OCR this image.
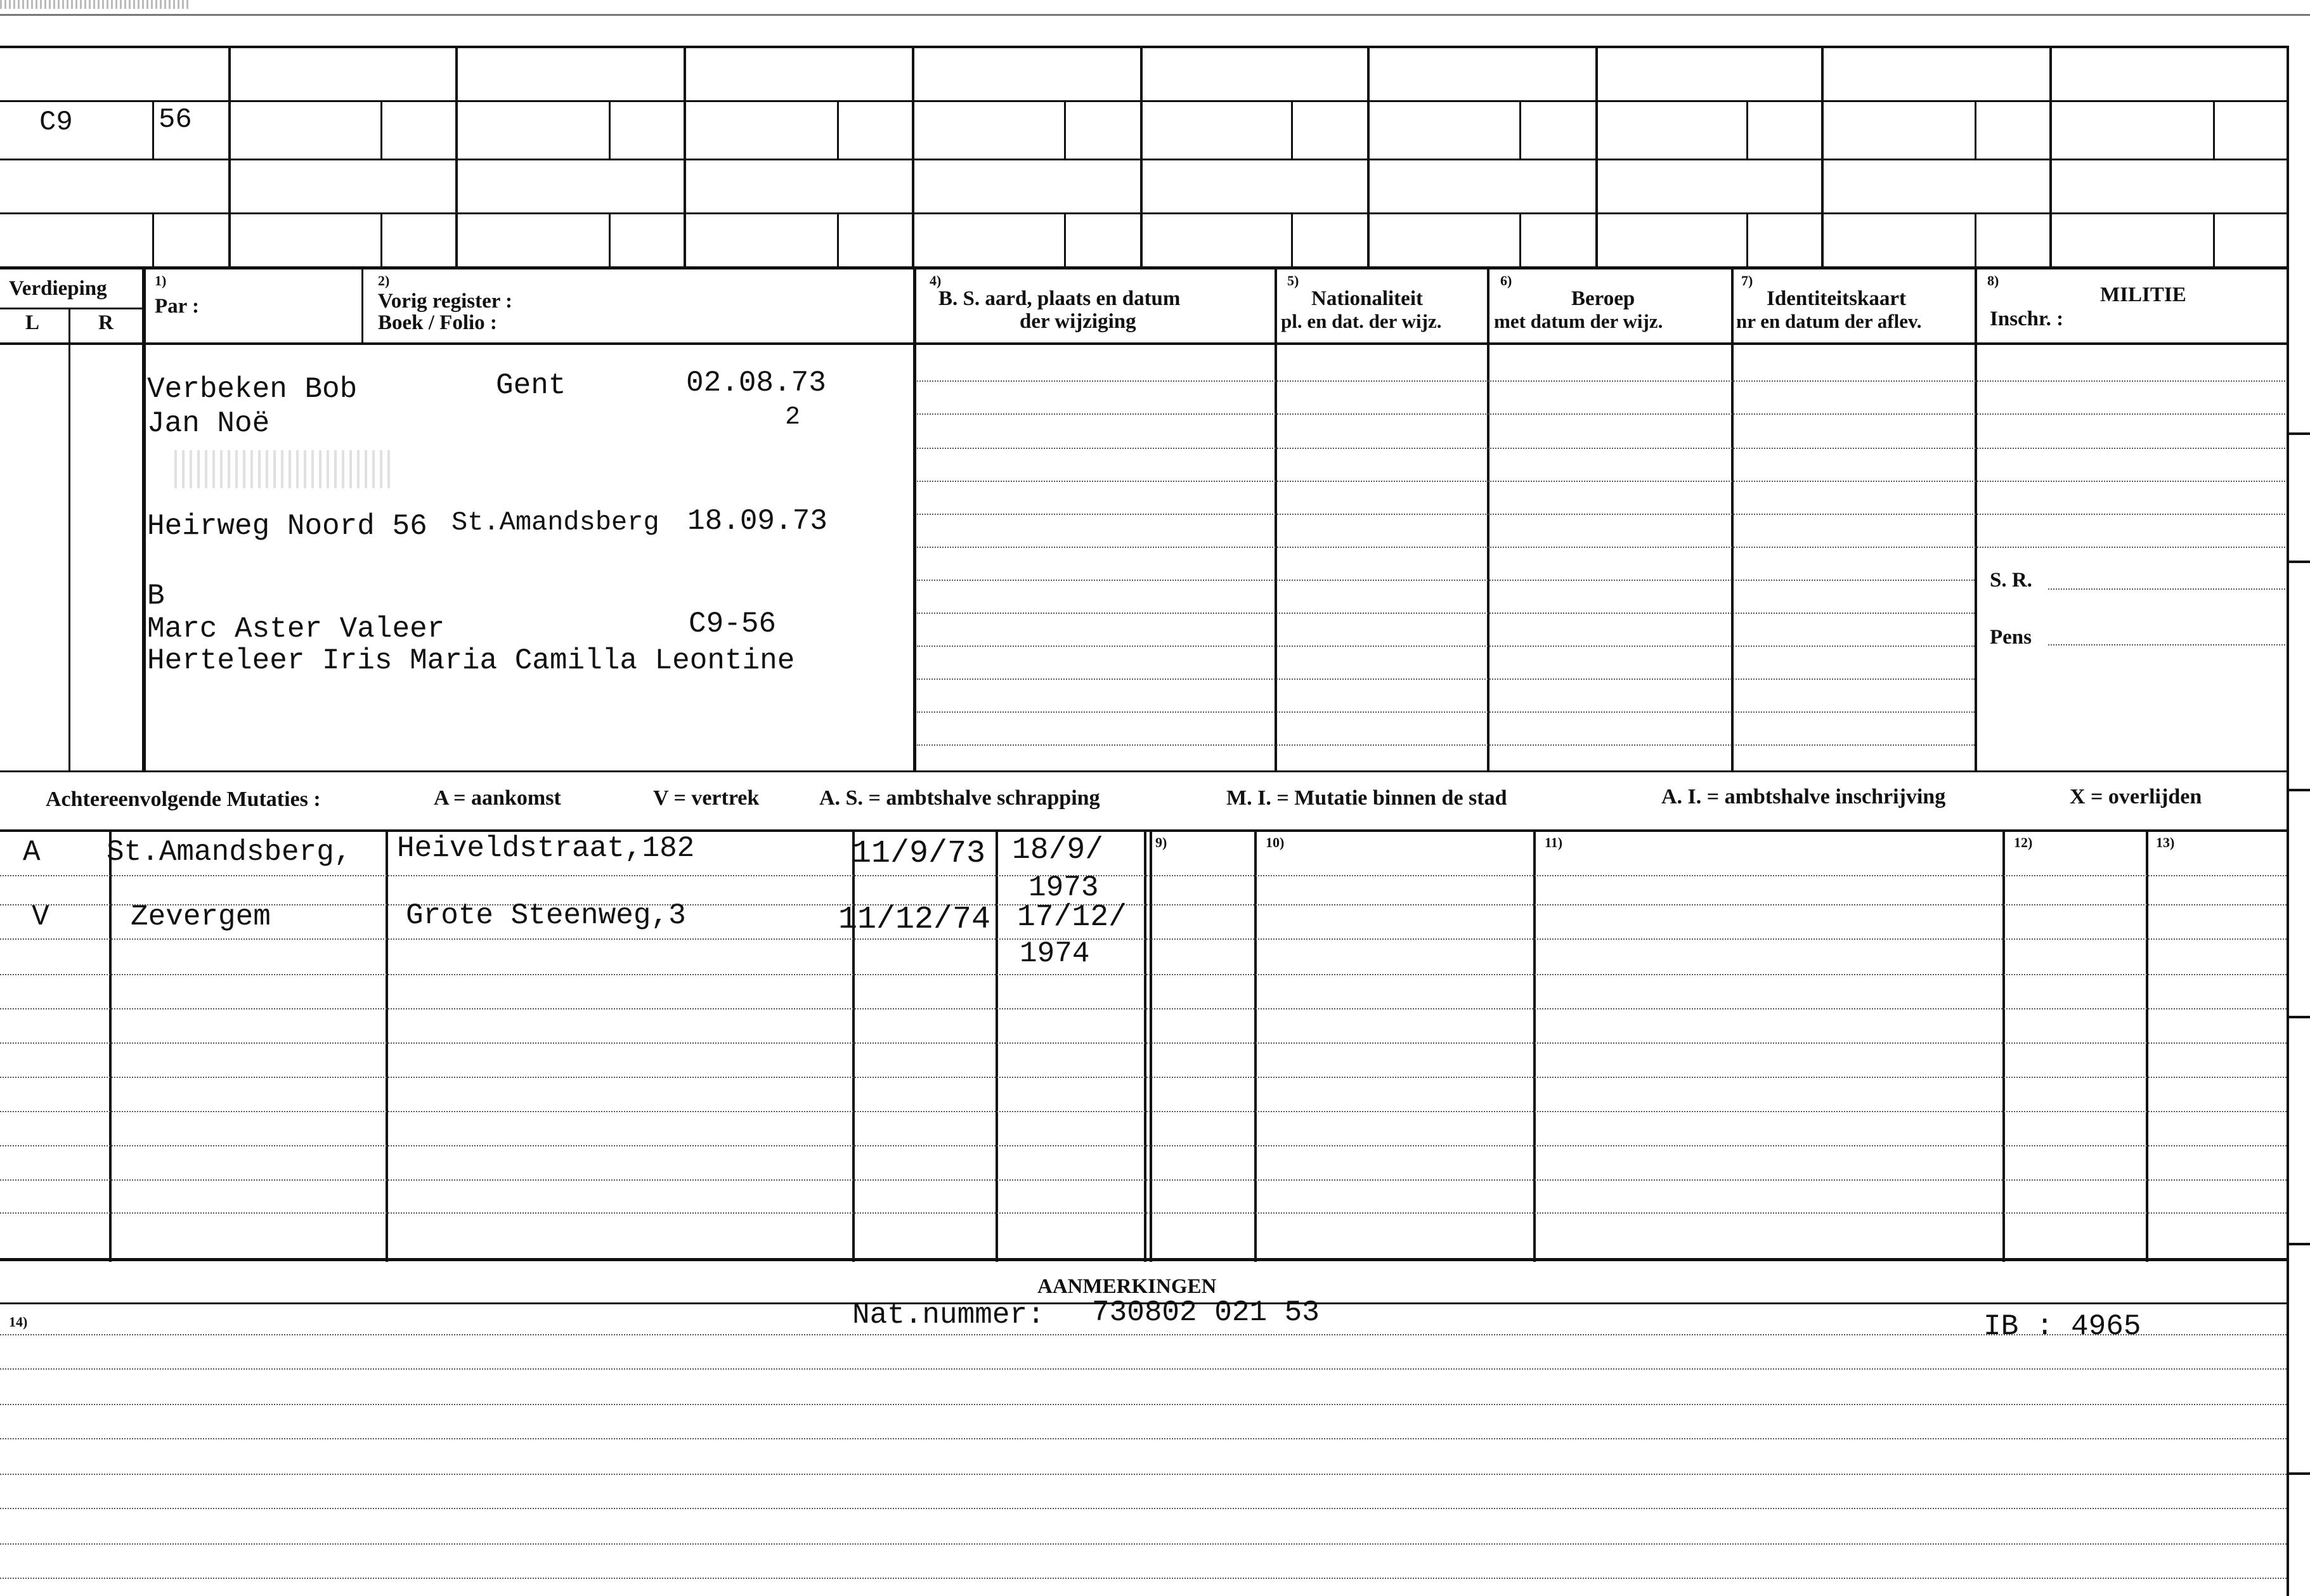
C9	56
Verdieping
L	R
1)
Par :
2)
Vorig register :
Boek / Folio :
4)
B. S. aard, plaats en datum
der wijziging
5)
Nationaliteit
pl. en dat. der wijz.
6)
Beroep
met datum der wijz.
7)
Identiteitskaart
nr en datum der aflev.
8)
MILITIE
Inschr. :
Verbeken Bob	Gent	02.08.73
Jan Noë	2
Heirweg Noord 56 St.Amandsberg 18.09.73
B
Marc Aster Valeer	C9-56
Herteleer Iris Maria Camilla Leontine
S. R.
Pens
Achtereenvolgende Mutaties :	A = aankomst	V = vertrek	A. S. = ambtshalve schrapping	M. I. = Mutatie binnen de stad	A. I. = ambtshalve inschrijving	X = overlijden
9)	10)	11)	12)	13)
A St.Amandsberg, Heiveldstraat,182	11/9/73 18/9/
1973
V	Zevergem	Grote Steenweg,3	11/12/74 17/12/
1974
AANMERKINGEN
14)	Nat.nummer: 730802 021 53	IB : 4965
